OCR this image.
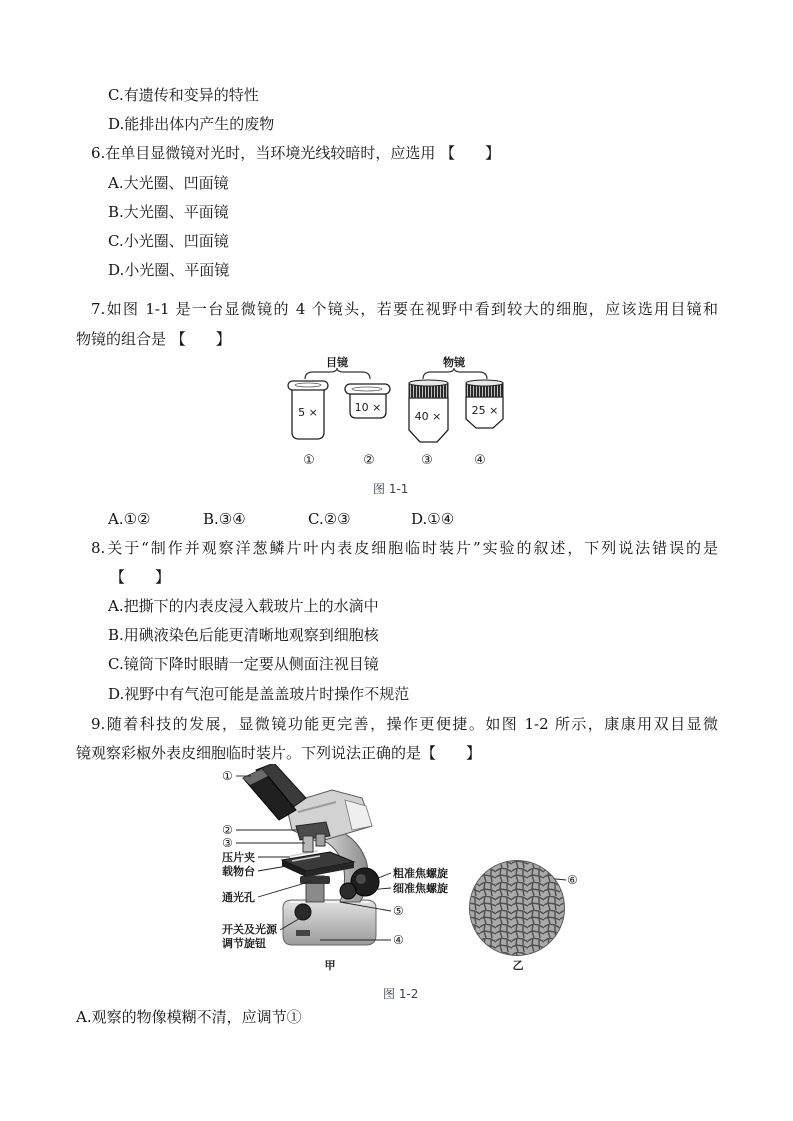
C.有遗传和变异的特性
D.能排出体内产生的废物
6.在单目显微镜对光时，当环境光线较暗时，应选用 【　　】
A.大光圈、凹面镜
B.大光圈、平面镜
C.小光圈、凹面镜
D.小光圈、平面镜
7.如图 1-1 是一台显微镜的 4 个镜头，若要在视野中看到较大的细胞，应该选用目镜和
物镜的组合是 【　　】
目镜	物镜
5 ×	10 ×
40 ×	25 ×
①	②	③	④
图 1-1
A.①②	B.③④	C.②③	D.①④
8.关于“制作并观察洋葱鳞片叶内表皮细胞临时装片”实验的叙述，下列说法错误的是
【　　】
A.把撕下的内表皮浸入载玻片上的水滴中
B.用碘液染色后能更清晰地观察到细胞核
C.镜筒下降时眼睛一定要从侧面注视目镜
D.视野中有气泡可能是盖盖玻片时操作不规范
9.随着科技的发展，显微镜功能更完善，操作更便捷。如图 1-2 所示，康康用双目显微
镜观察彩椒外表皮细胞临时装片。下列说法正确的是【　　】
①
②
③
压片夹
载物台
通光孔
开关及光源
调节旋钮
粗准焦螺旋
细准焦螺旋
⑤
④
⑥
甲	乙
图 1-2
A.观察的物像模糊不清，应调节①
